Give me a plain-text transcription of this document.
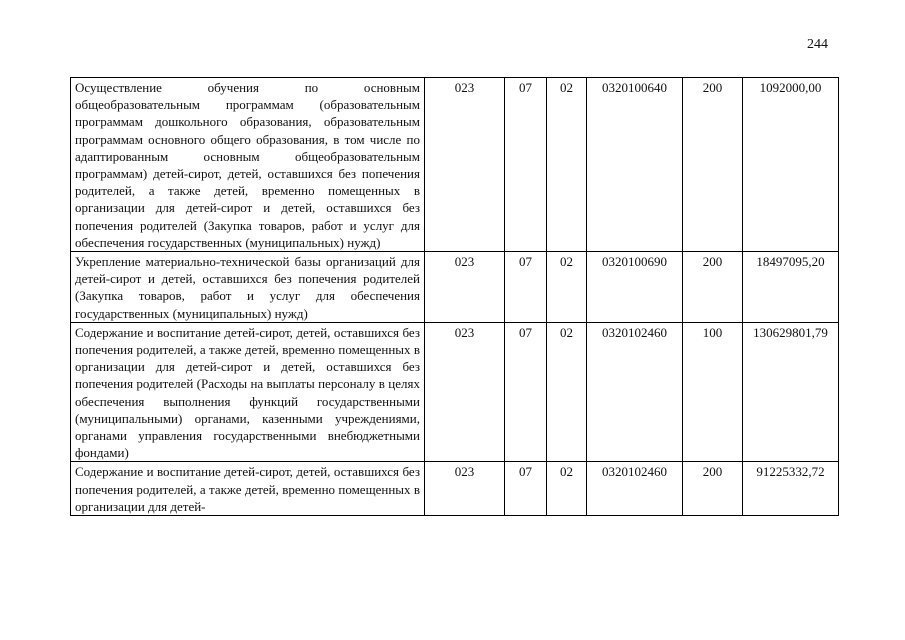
244
Осуществление обучения по основным общеобразовательным программам (образовательным программам дошкольного образования, образовательным программам основного общего образования, в том числе по адаптированным основным общеобразовательным программам) детей-сирот, детей, оставшихся без попечения родителей, а также детей, временно помещенных в организации для детей-сирот и детей, оставшихся без попечения родителей (Закупка товаров, работ и услуг для обеспечения государственных (муниципальных) нужд)	023	07	02	0320100640	200	1092000,00
Укрепление материально-технической базы организаций для детей-сирот и детей, оставшихся без попечения родителей (Закупка товаров, работ и услуг для обеспечения государственных (муниципальных) нужд)	023	07	02	0320100690	200	18497095,20
Содержание и воспитание детей-сирот, детей, оставшихся без попечения родителей, а также детей, временно помещенных в организации для детей-сирот и детей, оставшихся без попечения родителей (Расходы на выплаты персоналу в целях обеспечения выполнения функций государственными (муниципальными) органами, казенными учреждениями, органами управления государственными внебюджетными фондами)	023	07	02	0320102460	100	130629801,79
Содержание и воспитание детей-сирот, детей, оставшихся без попечения родителей, а также детей, временно помещенных в организации для детей-	023	07	02	0320102460	200	91225332,72
